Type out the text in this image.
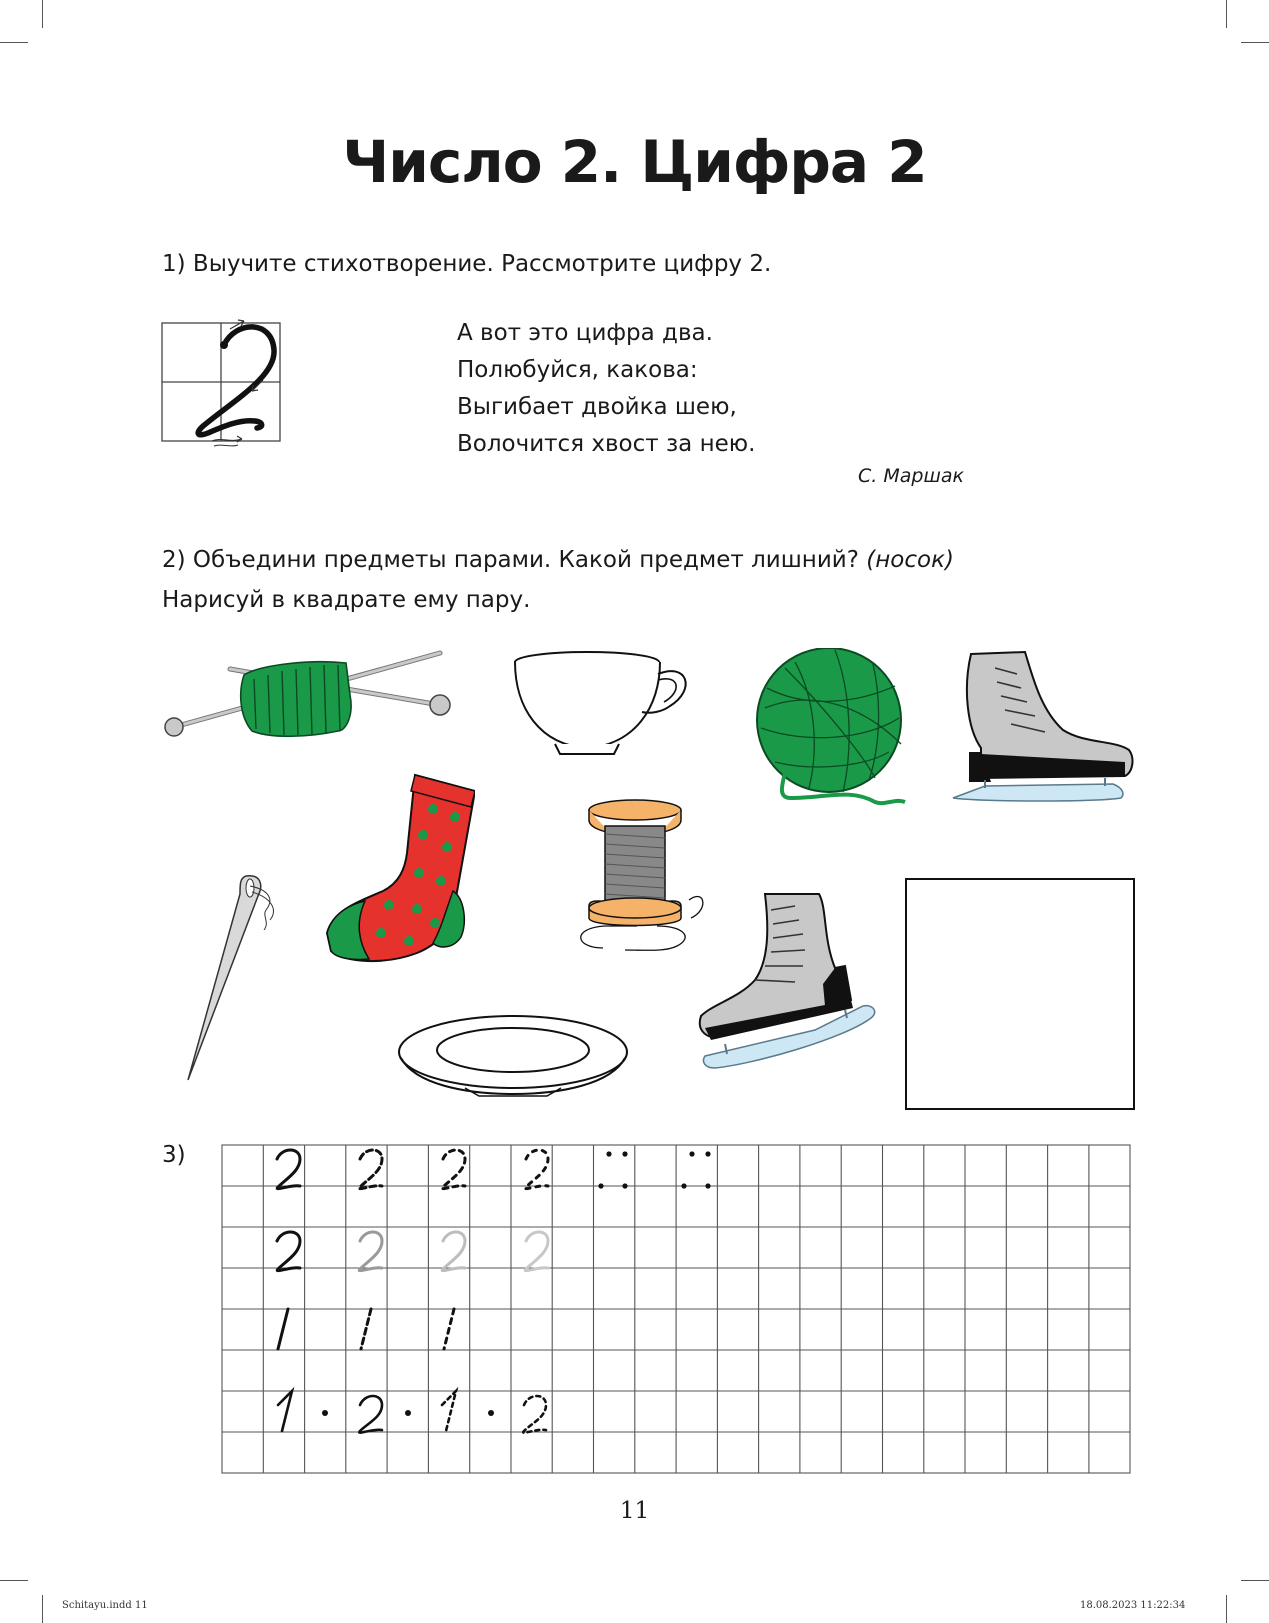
Число 2. Цифра 2
1) Выучите стихотворение. Рассмотрите цифру 2.
А вот это цифра два.
Полюбуйся, какова:
Выгибает двойка шею,
Волочится хвост за нею.
С. Маршак
2) Объедини предметы парами. Какой предмет лишний? (носок)
Нарисуй в квадрате ему пару.
3)
11
Schitayu.indd 11	18.08.2023 11:22:34
